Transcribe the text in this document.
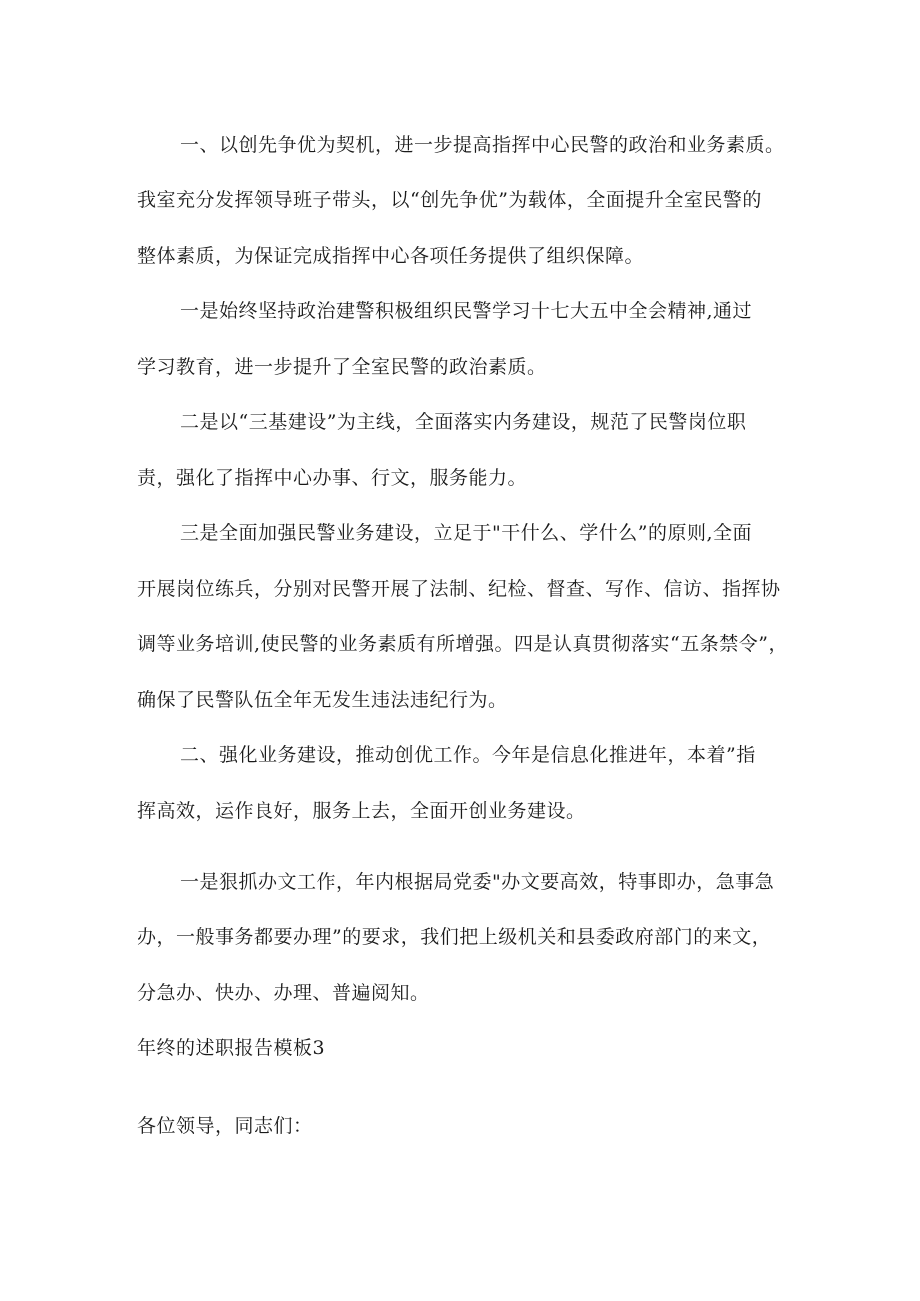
一、以创先争优为契机，进一步提高指挥中心民警的政治和业务素质。
我室充分发挥领导班子带头，以“创先争优”为载体，全面提升全室民警的
整体素质，为保证完成指挥中心各项任务提供了组织保障。
一是始终坚持政治建警积极组织民警学习十七大五中全会精神,通过
学习教育，进一步提升了全室民警的政治素质。
二是以“三基建设”为主线，全面落实内务建设，规范了民警岗位职
责，强化了指挥中心办事、行文，服务能力。
三是全面加强民警业务建设，立足于"干什么、学什么”的原则,全面
开展岗位练兵，分别对民警开展了法制、纪检、督查、写作、信访、指挥协
调等业务培训,使民警的业务素质有所增强。四是认真贯彻落实“五条禁令”，
确保了民警队伍全年无发生违法违纪行为。
二、强化业务建设，推动创优工作。今年是信息化推进年，本着”指
挥高效，运作良好，服务上去，全面开创业务建设。
一是狠抓办文工作，年内根据局党委"办文要高效，特事即办，急事急
办，一般事务都要办理”的要求，我们把上级机关和县委政府部门的来文，
分急办、快办、办理、普遍阅知。
年终的述职报告模板3
各位领导，同志们：
